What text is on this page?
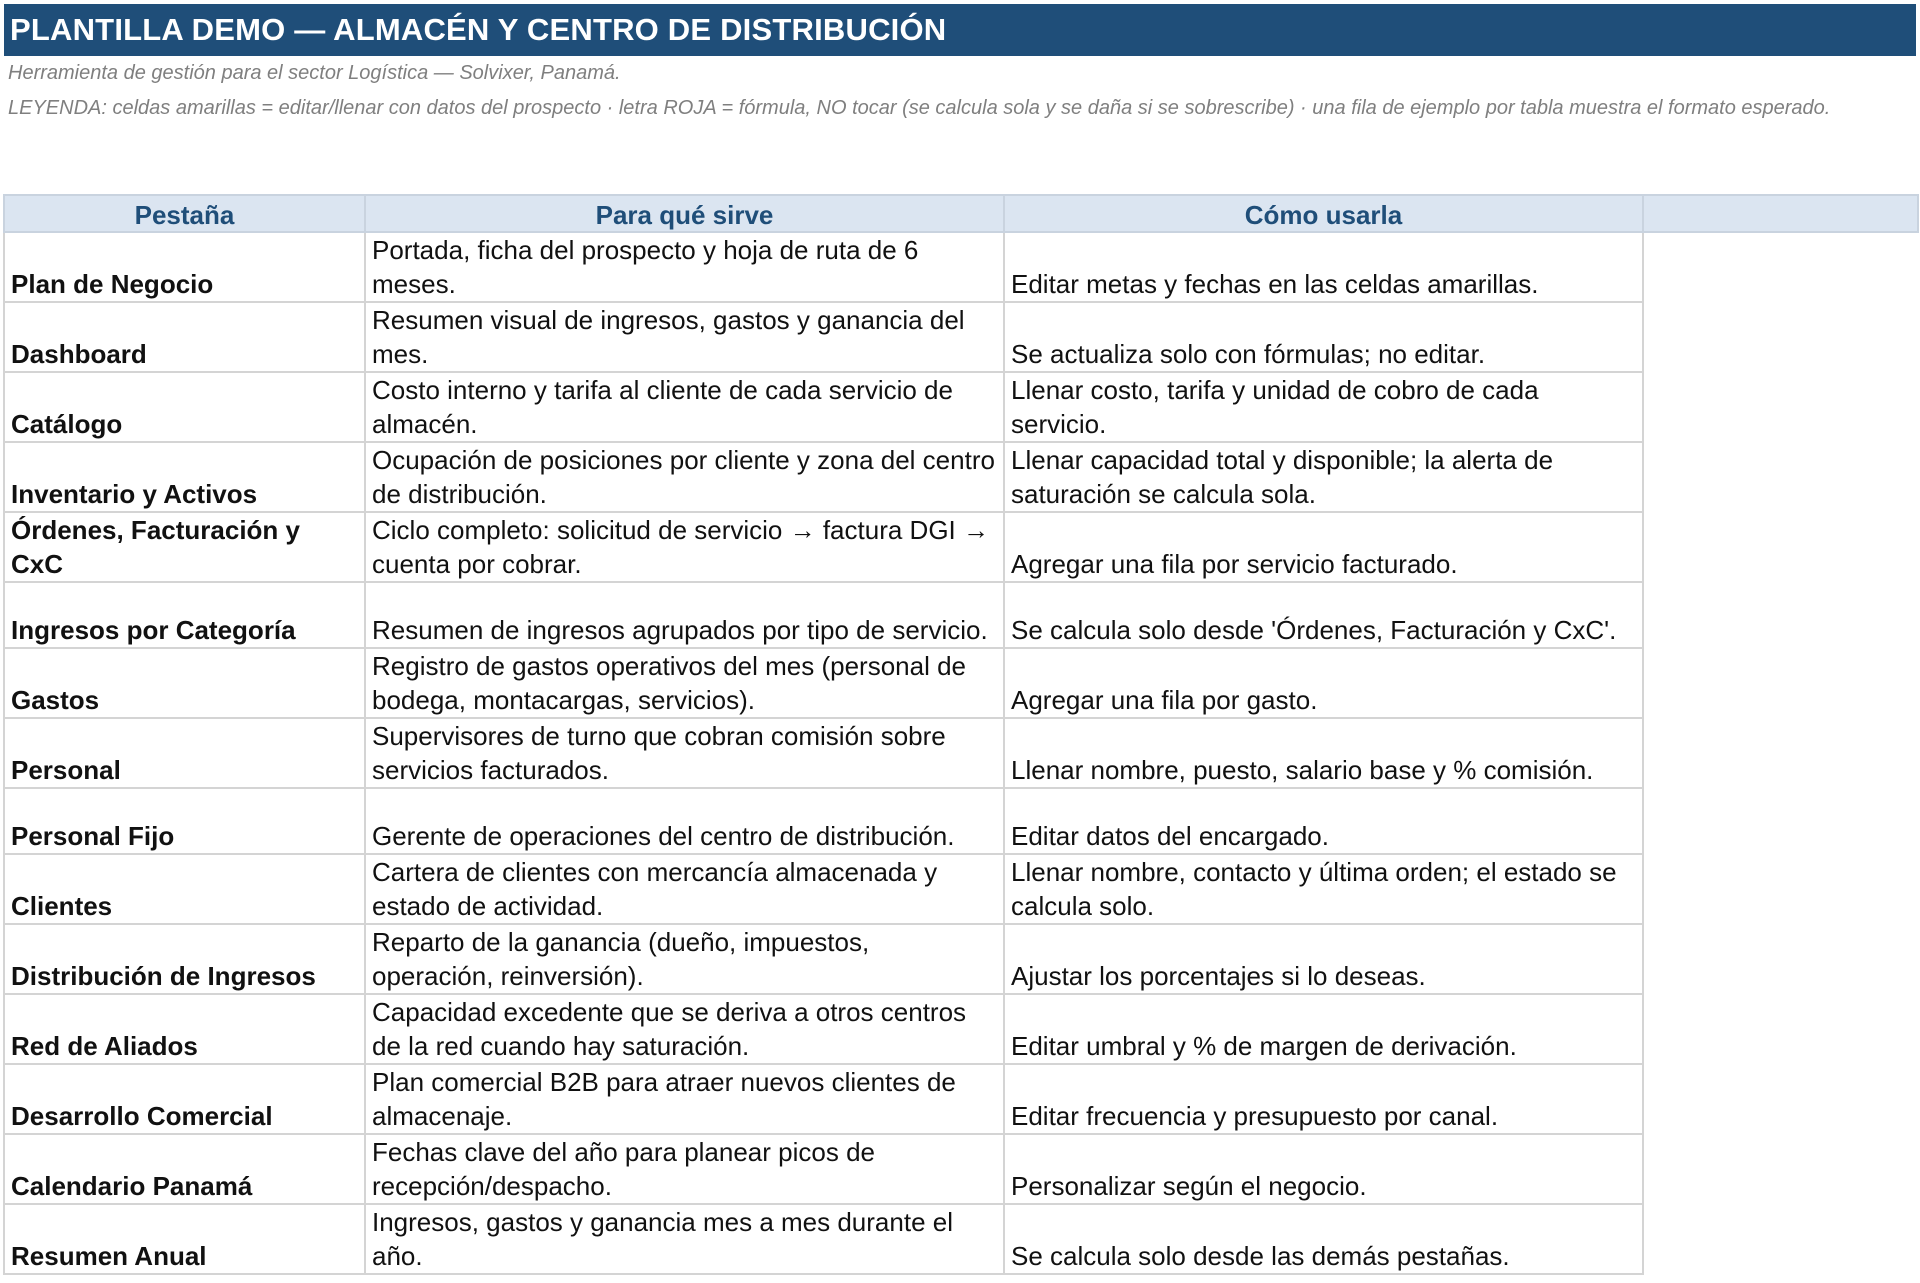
PLANTILLA DEMO — ALMACÉN Y CENTRO DE DISTRIBUCIÓN
Herramienta de gestión para el sector Logística — Solvixer, Panamá.
LEYENDA: celdas amarillas = editar/llenar con datos del prospecto · letra ROJA = fórmula, NO tocar (se calcula sola y se daña si se sobrescribe) · una fila de ejemplo por tabla muestra el formato esperado.
Pestaña	Para qué sirve	Cómo usarla	
Plan de Negocio	Portada, ficha del prospecto y hoja de ruta de 6 meses.	Editar metas y fechas en las celdas amarillas.	
Dashboard	Resumen visual de ingresos, gastos y ganancia del mes.	Se actualiza solo con fórmulas; no editar.	
Catálogo	Costo interno y tarifa al cliente de cada servicio de almacén.	Llenar costo, tarifa y unidad de cobro de cada servicio.	
Inventario y Activos	Ocupación de posiciones por cliente y zona del centro de distribución.	Llenar capacidad total y disponible; la alerta de saturación se calcula sola.	
Órdenes, Facturación y CxC	Ciclo completo: solicitud de servicio → factura DGI → cuenta por cobrar.	Agregar una fila por servicio facturado.	
Ingresos por Categoría	Resumen de ingresos agrupados por tipo de servicio.	Se calcula solo desde 'Órdenes, Facturación y CxC'.	
Gastos	Registro de gastos operativos del mes (personal de bodega, montacargas, servicios).	Agregar una fila por gasto.	
Personal	Supervisores de turno que cobran comisión sobre servicios facturados.	Llenar nombre, puesto, salario base y % comisión.	
Personal Fijo	Gerente de operaciones del centro de distribución.	Editar datos del encargado.	
Clientes	Cartera de clientes con mercancía almacenada y estado de actividad.	Llenar nombre, contacto y última orden; el estado se calcula solo.	
Distribución de Ingresos	Reparto de la ganancia (dueño, impuestos, operación, reinversión).	Ajustar los porcentajes si lo deseas.	
Red de Aliados	Capacidad excedente que se deriva a otros centros de la red cuando hay saturación.	Editar umbral y % de margen de derivación.	
Desarrollo Comercial	Plan comercial B2B para atraer nuevos clientes de almacenaje.	Editar frecuencia y presupuesto por canal.	
Calendario Panamá	Fechas clave del año para planear picos de recepción/despacho.	Personalizar según el negocio.	
Resumen Anual	Ingresos, gastos y ganancia mes a mes durante el año.	Se calcula solo desde las demás pestañas.	
